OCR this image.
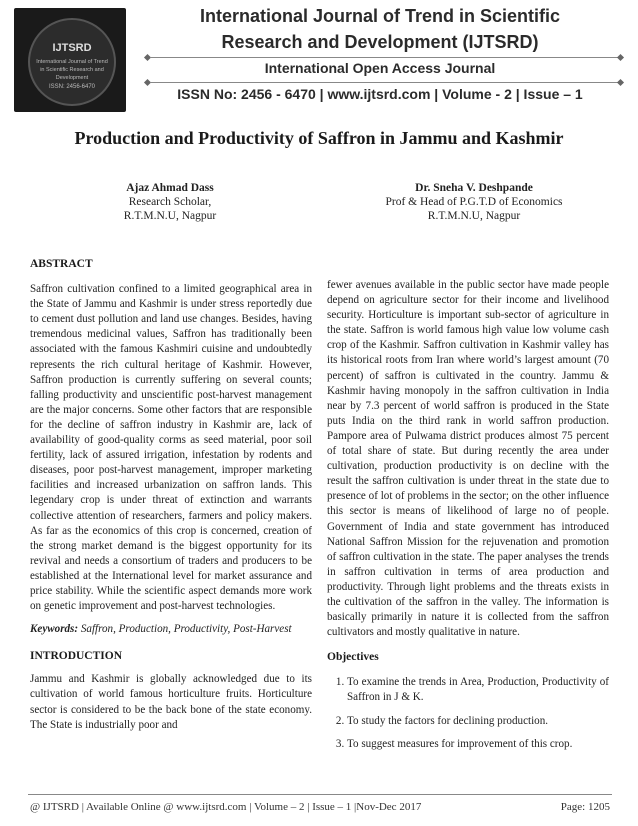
IJTSRD
International Journal of Trend in Scientific Research and Development
ISSN: 2456-6470
International Journal of Trend in Scientific
Research and Development (IJTSRD)
International Open Access Journal
ISSN No: 2456 - 6470 | www.ijtsrd.com | Volume - 2 | Issue – 1
Production and Productivity of Saffron in Jammu and Kashmir
Ajaz Ahmad Dass
Research Scholar,
R.T.M.N.U, Nagpur
Dr. Sneha V. Deshpande
Prof & Head of P.G.T.D of Economics
R.T.M.N.U, Nagpur
ABSTRACT
Saffron cultivation confined to a limited geographical area in the State of Jammu and Kashmir is under stress reportedly due to cement dust pollution and land use changes. Besides, having tremendous medicinal values, Saffron has traditionally been associated with the famous Kashmiri cuisine and undoubtedly represents the rich cultural heritage of Kashmir. However, Saffron production is currently suffering on several counts; falling productivity and unscientific post-harvest management are the major concerns. Some other factors that are responsible for the decline of saffron industry in Kashmir are, lack of availability of good-quality corms as seed material, poor soil fertility, lack of assured irrigation, infestation by rodents and diseases, poor post-harvest management, improper marketing facilities and increased urbanization on saffron lands. This legendary crop is under threat of extinction and warrants collective attention of researchers, farmers and policy makers. As far as the economics of this crop is concerned, creation of the strong market demand is the biggest opportunity for its revival and needs a consortium of traders and producers to be established at the International level for market assurance and price stability. While the scientific aspect demands more work on genetic improvement and post-harvest technologies.
Keywords: Saffron, Production, Productivity, Post-Harvest
INTRODUCTION
Jammu and Kashmir is globally acknowledged due to its cultivation of world famous horticulture fruits. Horticulture sector is considered to be the back bone of the state economy. The State is industrially poor and
fewer avenues available in the public sector have made people depend on agriculture sector for their income and livelihood security. Horticulture is important sub-sector of agriculture in the state. Saffron is world famous high value low volume cash crop of the Kashmir. Saffron cultivation in Kashmir valley has its historical roots from Iran where world’s largest amount (70 percent) of saffron is cultivated in the country. Jammu & Kashmir having monopoly in the saffron cultivation in India near by 7.3 percent of world saffron is produced in the State puts India on the third rank in world saffron production. Pampore area of Pulwama district produces almost 75 percent of total share of state. But during recently the area under cultivation, production productivity is on decline with the result the saffron cultivation is under threat in the state due to presence of lot of problems in the sector; on the other influence this sector is means of likelihood of large no of people. Government of India and state government has introduced National Saffron Mission for the rejuvenation and promotion of saffron cultivation in the state. The paper analyses the trends in saffron cultivation in terms of area production and productivity. Through light problems and the threats exists in the cultivation of the saffron in the valley. The information is basically primarily in nature it is collected from the saffron cultivators and mostly qualitative in nature.
Objectives
1. To examine the trends in Area, Production, Productivity of Saffron in J & K.
2. To study the factors for declining production.
3. To suggest measures for improvement of this crop.
@ IJTSRD | Available Online @ www.ijtsrd.com | Volume – 2 | Issue – 1 |Nov-Dec 2017	Page: 1205
